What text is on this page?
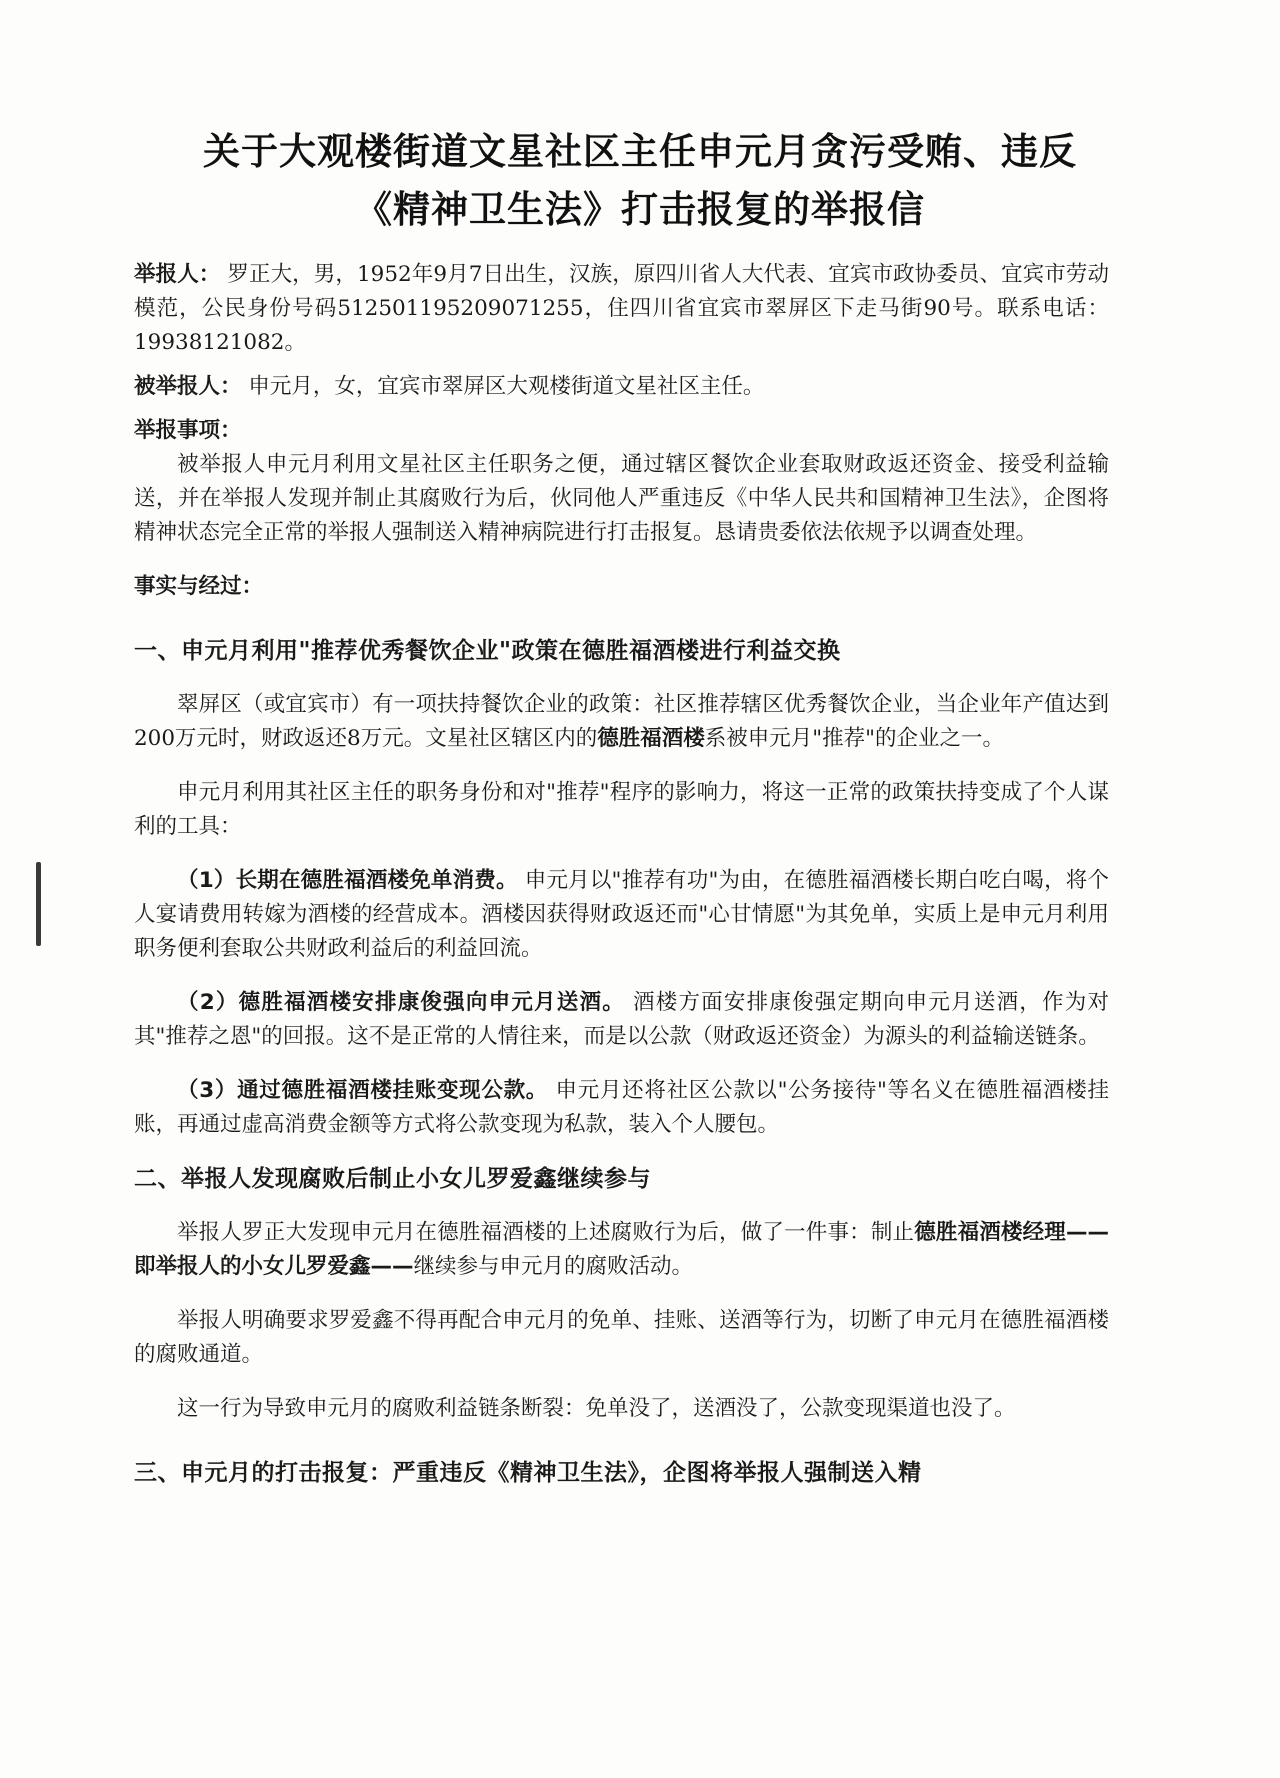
关于大观楼街道文星社区主任申元月贪污受贿、违反
《精神卫生法》打击报复的举报信

举报人： 罗正大，男，1952年9月7日出生，汉族，原四川省人大代表、宜宾市政协委员、宜宾市劳动模范，公民身份号码512501195209071255，住四川省宜宾市翠屏区下走马街90号。联系电话：19938121082。

被举报人： 申元月，女，宜宾市翠屏区大观楼街道文星社区主任。

举报事项：

被举报人申元月利用文星社区主任职务之便，通过辖区餐饮企业套取财政返还资金、接受利益输送，并在举报人发现并制止其腐败行为后，伙同他人严重违反《中华人民共和国精神卫生法》，企图将精神状态完全正常的举报人强制送入精神病院进行打击报复。恳请贵委依法依规予以调查处理。

事实与经过：

一、申元月利用"推荐优秀餐饮企业"政策在德胜福酒楼进行利益交换

翠屏区（或宜宾市）有一项扶持餐饮企业的政策：社区推荐辖区优秀餐饮企业，当企业年产值达到200万元时，财政返还8万元。文星社区辖区内的德胜福酒楼系被申元月"推荐"的企业之一。

申元月利用其社区主任的职务身份和对"推荐"程序的影响力，将这一正常的政策扶持变成了个人谋利的工具：

（1）长期在德胜福酒楼免单消费。 申元月以"推荐有功"为由，在德胜福酒楼长期白吃白喝，将个人宴请费用转嫁为酒楼的经营成本。酒楼因获得财政返还而"心甘情愿"为其免单，实质上是申元月利用职务便利套取公共财政利益后的利益回流。

（2）德胜福酒楼安排康俊强向申元月送酒。 酒楼方面安排康俊强定期向申元月送酒，作为对其"推荐之恩"的回报。这不是正常的人情往来，而是以公款（财政返还资金）为源头的利益输送链条。

（3）通过德胜福酒楼挂账变现公款。 申元月还将社区公款以"公务接待"等名义在德胜福酒楼挂账，再通过虚高消费金额等方式将公款变现为私款，装入个人腰包。

二、举报人发现腐败后制止小女儿罗爱鑫继续参与

举报人罗正大发现申元月在德胜福酒楼的上述腐败行为后，做了一件事：制止德胜福酒楼经理——即举报人的小女儿罗爱鑫——继续参与申元月的腐败活动。

举报人明确要求罗爱鑫不得再配合申元月的免单、挂账、送酒等行为，切断了申元月在德胜福酒楼的腐败通道。

这一行为导致申元月的腐败利益链条断裂：免单没了，送酒没了，公款变现渠道也没了。

三、申元月的打击报复：严重违反《精神卫生法》，企图将举报人强制送入精
